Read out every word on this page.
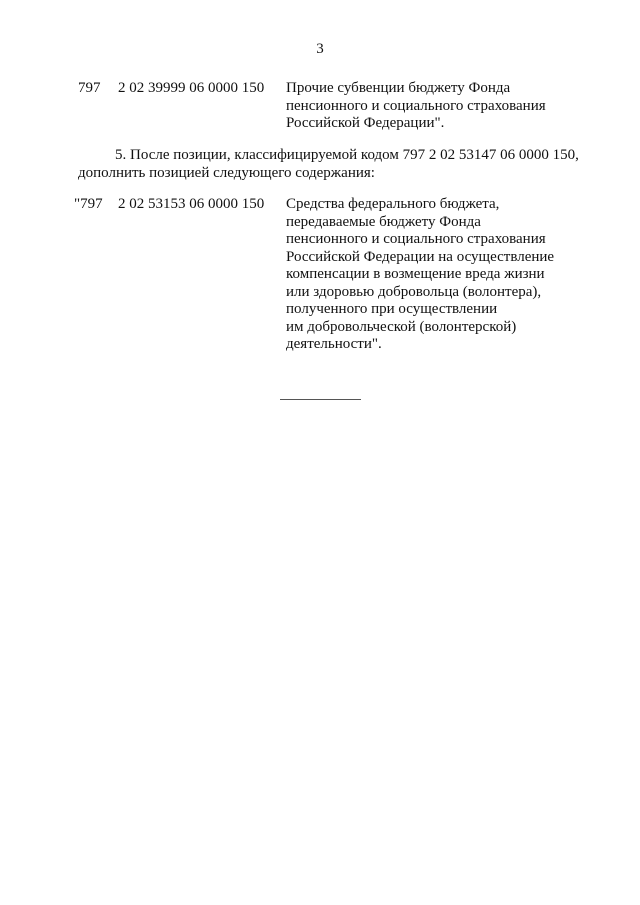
3
797 2 02 39999 06 0000 150 Прочие субвенции бюджету Фонда
пенсионного и социального страхования
Российской Федерации".
5. После позиции, классифицируемой кодом 797 2 02 53147 06 0000 150,
дополнить позицией следующего содержания:
"797 2 02 53153 06 0000 150 Средства федерального бюджета,
передаваемые бюджету Фонда
пенсионного и социального страхования
Российской Федерации на осуществление
компенсации в возмещение вреда жизни
или здоровью добровольца (волонтера),
полученного при осуществлении
им добровольческой (волонтерской)
деятельности".
